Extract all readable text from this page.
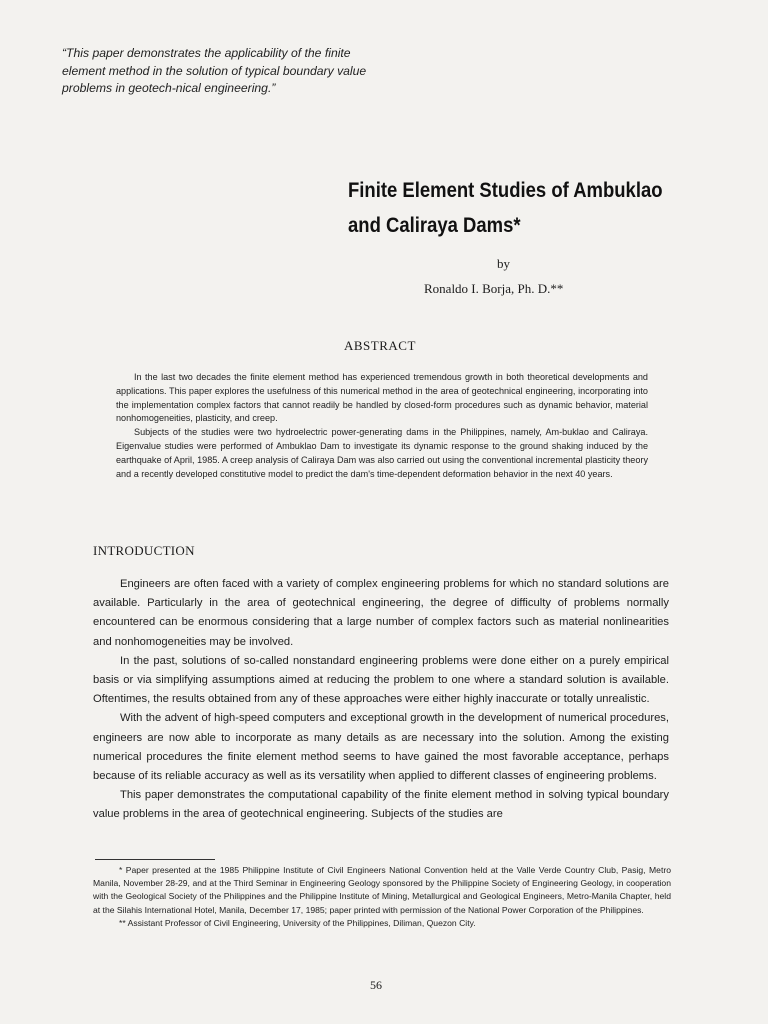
“This paper demonstrates the applicability of the finite element method in the solution of typical boundary value problems in geotech-nical engineering.”
Finite Element Studies of Ambuklao
and Caliraya Dams*
by
Ronaldo I. Borja, Ph. D.**
ABSTRACT

In the last two decades the finite element method has experienced tremendous growth in both theoretical developments and applications. This paper explores the usefulness of this numerical method in the area of geotechnical engineering, incorporating into the implementation complex factors that cannot readily be handled by closed-form procedures such as dynamic behavior, material nonhomogeneities, plasticity, and creep.

Subjects of the studies were two hydroelectric power-generating dams in the Philippines, namely, Am-buklao and Caliraya. Eigenvalue studies were performed of Ambuklao Dam to investigate its dynamic response to the ground shaking induced by the earthquake of April, 1985. A creep analysis of Caliraya Dam was also carried out using the conventional incremental plasticity theory and a recently developed constitutive model to predict the dam's time-dependent deformation behavior in the next 40 years.

INTRODUCTION

Engineers are often faced with a variety of complex engineering problems for which no standard solutions are available. Particularly in the area of geotechnical engineering, the degree of difficulty of problems normally encountered can be enormous considering that a large number of complex factors such as material nonlinearities and nonhomogeneities may be involved.

In the past, solutions of so-called nonstandard engineering problems were done either on a purely empirical basis or via simplifying assumptions aimed at reducing the problem to one where a standard solution is available. Oftentimes, the results obtained from any of these approaches were either highly inaccurate or totally unrealistic.

With the advent of high-speed computers and exceptional growth in the development of numerical procedures, engineers are now able to incorporate as many details as are necessary into the solution. Among the existing numerical procedures the finite element method seems to have gained the most favorable acceptance, perhaps because of its reliable accuracy as well as its versatility when applied to different classes of engineering problems.

This paper demonstrates the computational capability of the finite element method in solving typical boundary value problems in the area of geotechnical engineering. Subjects of the studies are

* Paper presented at the 1985 Philippine Institute of Civil Engineers National Convention held at the Valle Verde Country Club, Pasig, Metro Manila, November 28-29, and at the Third Seminar in Engineering Geology sponsored by the Philippine Society of Engineering Geology, in cooperation with the Geological Society of the Philippines and the Philippine Institute of Mining, Metallurgical and Geological Engineers, Metro-Manila Chapter, held at the Silahis International Hotel, Manila, December 17, 1985; paper printed with permission of the National Power Corporation of the Philippines.

** Assistant Professor of Civil Engineering, University of the Philippines, Diliman, Quezon City.

56
